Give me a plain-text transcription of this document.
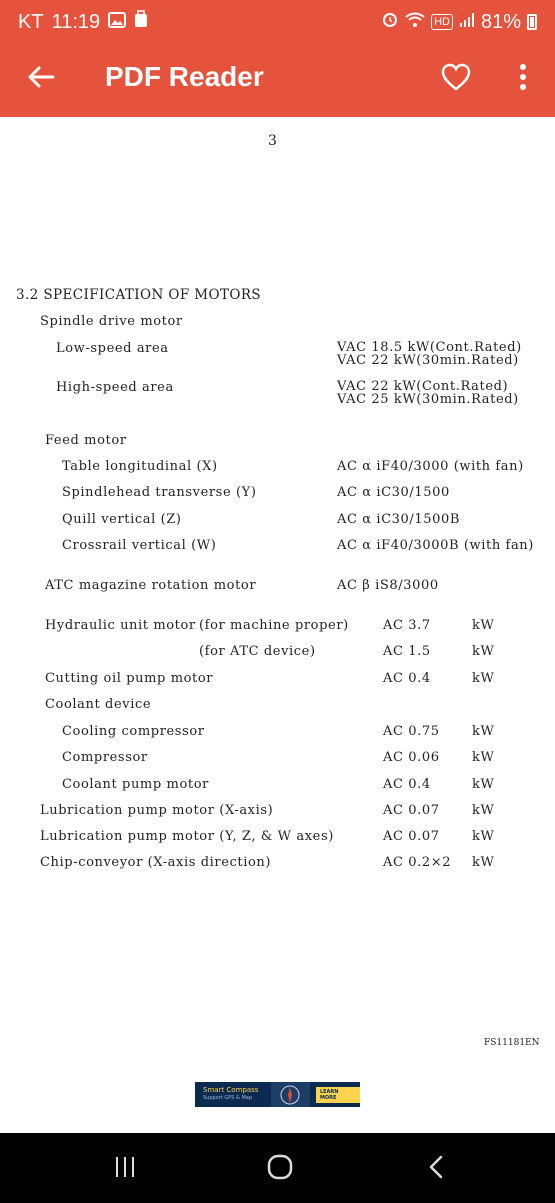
KT 11:19	HD 81%
PDF Reader
3
3.2 SPECIFICATION OF MOTORS
Spindle drive motor
Low-speed area	VAC 18.5 kW(Cont.Rated)
VAC 22 kW(30min.Rated)
High-speed area	VAC 22 kW(Cont.Rated)
VAC 25 kW(30min.Rated)
Feed motor
Table longitudinal (X)	AC α iF40/3000 (with fan)
Spindlehead transverse (Y)	AC α iC30/1500
Quill vertical (Z)	AC α iC30/1500B
Crossrail vertical (W)	AC α iF40/3000B (with fan)
ATC magazine rotation motor	AC β iS8/3000
Hydraulic unit motor (for machine proper)	AC 3.7	kW
(for ATC device)	AC 1.5	kW
Cutting oil pump motor	AC 0.4	kW
Coolant device
Cooling compressor	AC 0.75 kW
Compressor	AC 0.06 kW
Coolant pump motor	AC 0.4	kW
Lubrication pump motor (X-axis)	AC 0.07 kW
Lubrication pump motor (Y, Z, & W axes)	AC 0.07 kW
Chip-conveyor (X-axis direction)	AC 0.2×2 kW
FS11181EN
Smart Compass
Support GPS & Map
LEARN MORE
